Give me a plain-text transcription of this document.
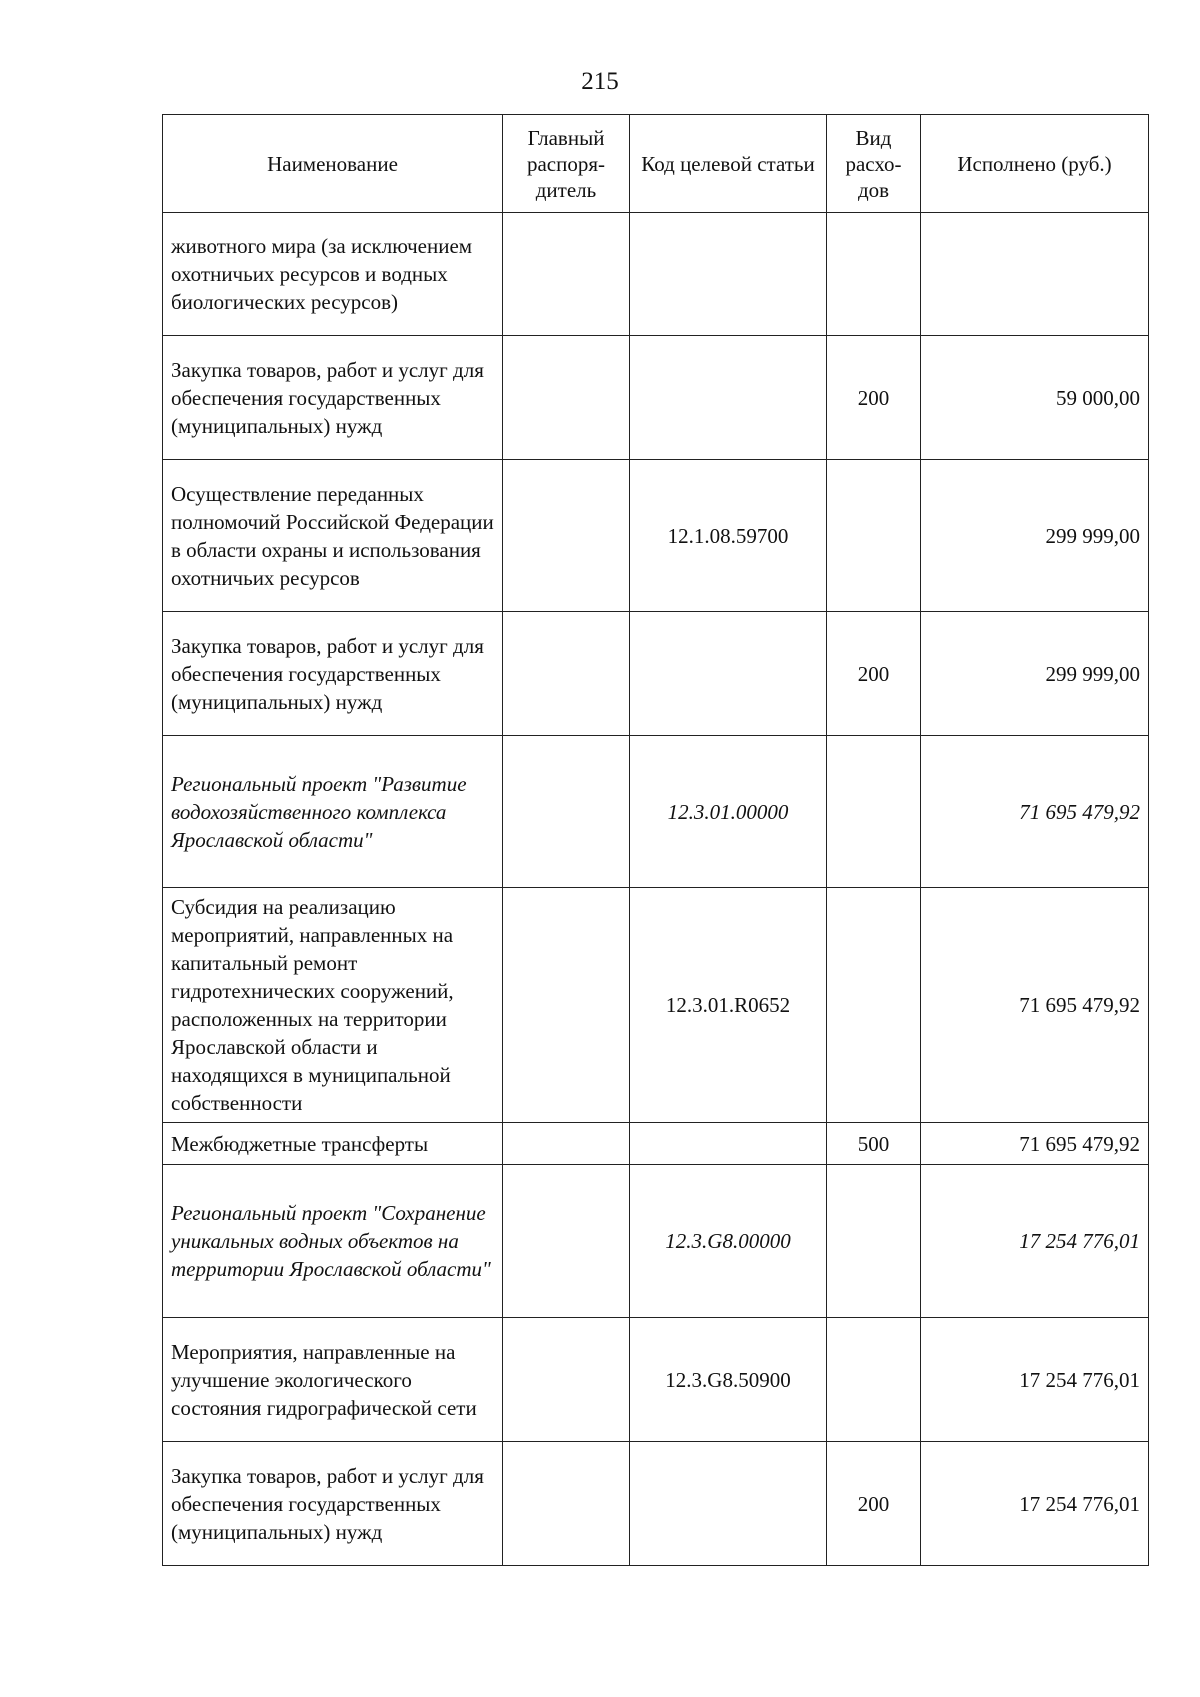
215
Наименование	Главный распоря-дитель	Код целевой статьи	Вид расхо-дов	Исполнено (руб.)
животного мира (за исключением охотничьих ресурсов и водных биологических ресурсов)				
Закупка товаров, работ и услуг для обеспечения государственных (муниципальных) нужд			200	59 000,00
Осуществление переданных полномочий Российской Федерации в области охраны и использования охотничьих ресурсов		12.1.08.59700		299 999,00
Закупка товаров, работ и услуг для обеспечения государственных (муниципальных) нужд			200	299 999,00
Региональный проект "Развитие водохозяйственного комплекса Ярославской области"		12.3.01.00000		71 695 479,92
Субсидия на реализацию мероприятий, направленных на капитальный ремонт гидротехнических сооружений, расположенных на территории Ярославской области и находящихся в муниципальной собственности		12.3.01.R0652		71 695 479,92
Межбюджетные трансферты			500	71 695 479,92
Региональный проект "Сохранение уникальных водных объектов на территории Ярославской области"		12.3.G8.00000		17 254 776,01
Мероприятия, направленные на улучшение экологического состояния гидрографической сети		12.3.G8.50900		17 254 776,01
Закупка товаров, работ и услуг для обеспечения государственных (муниципальных) нужд			200	17 254 776,01
